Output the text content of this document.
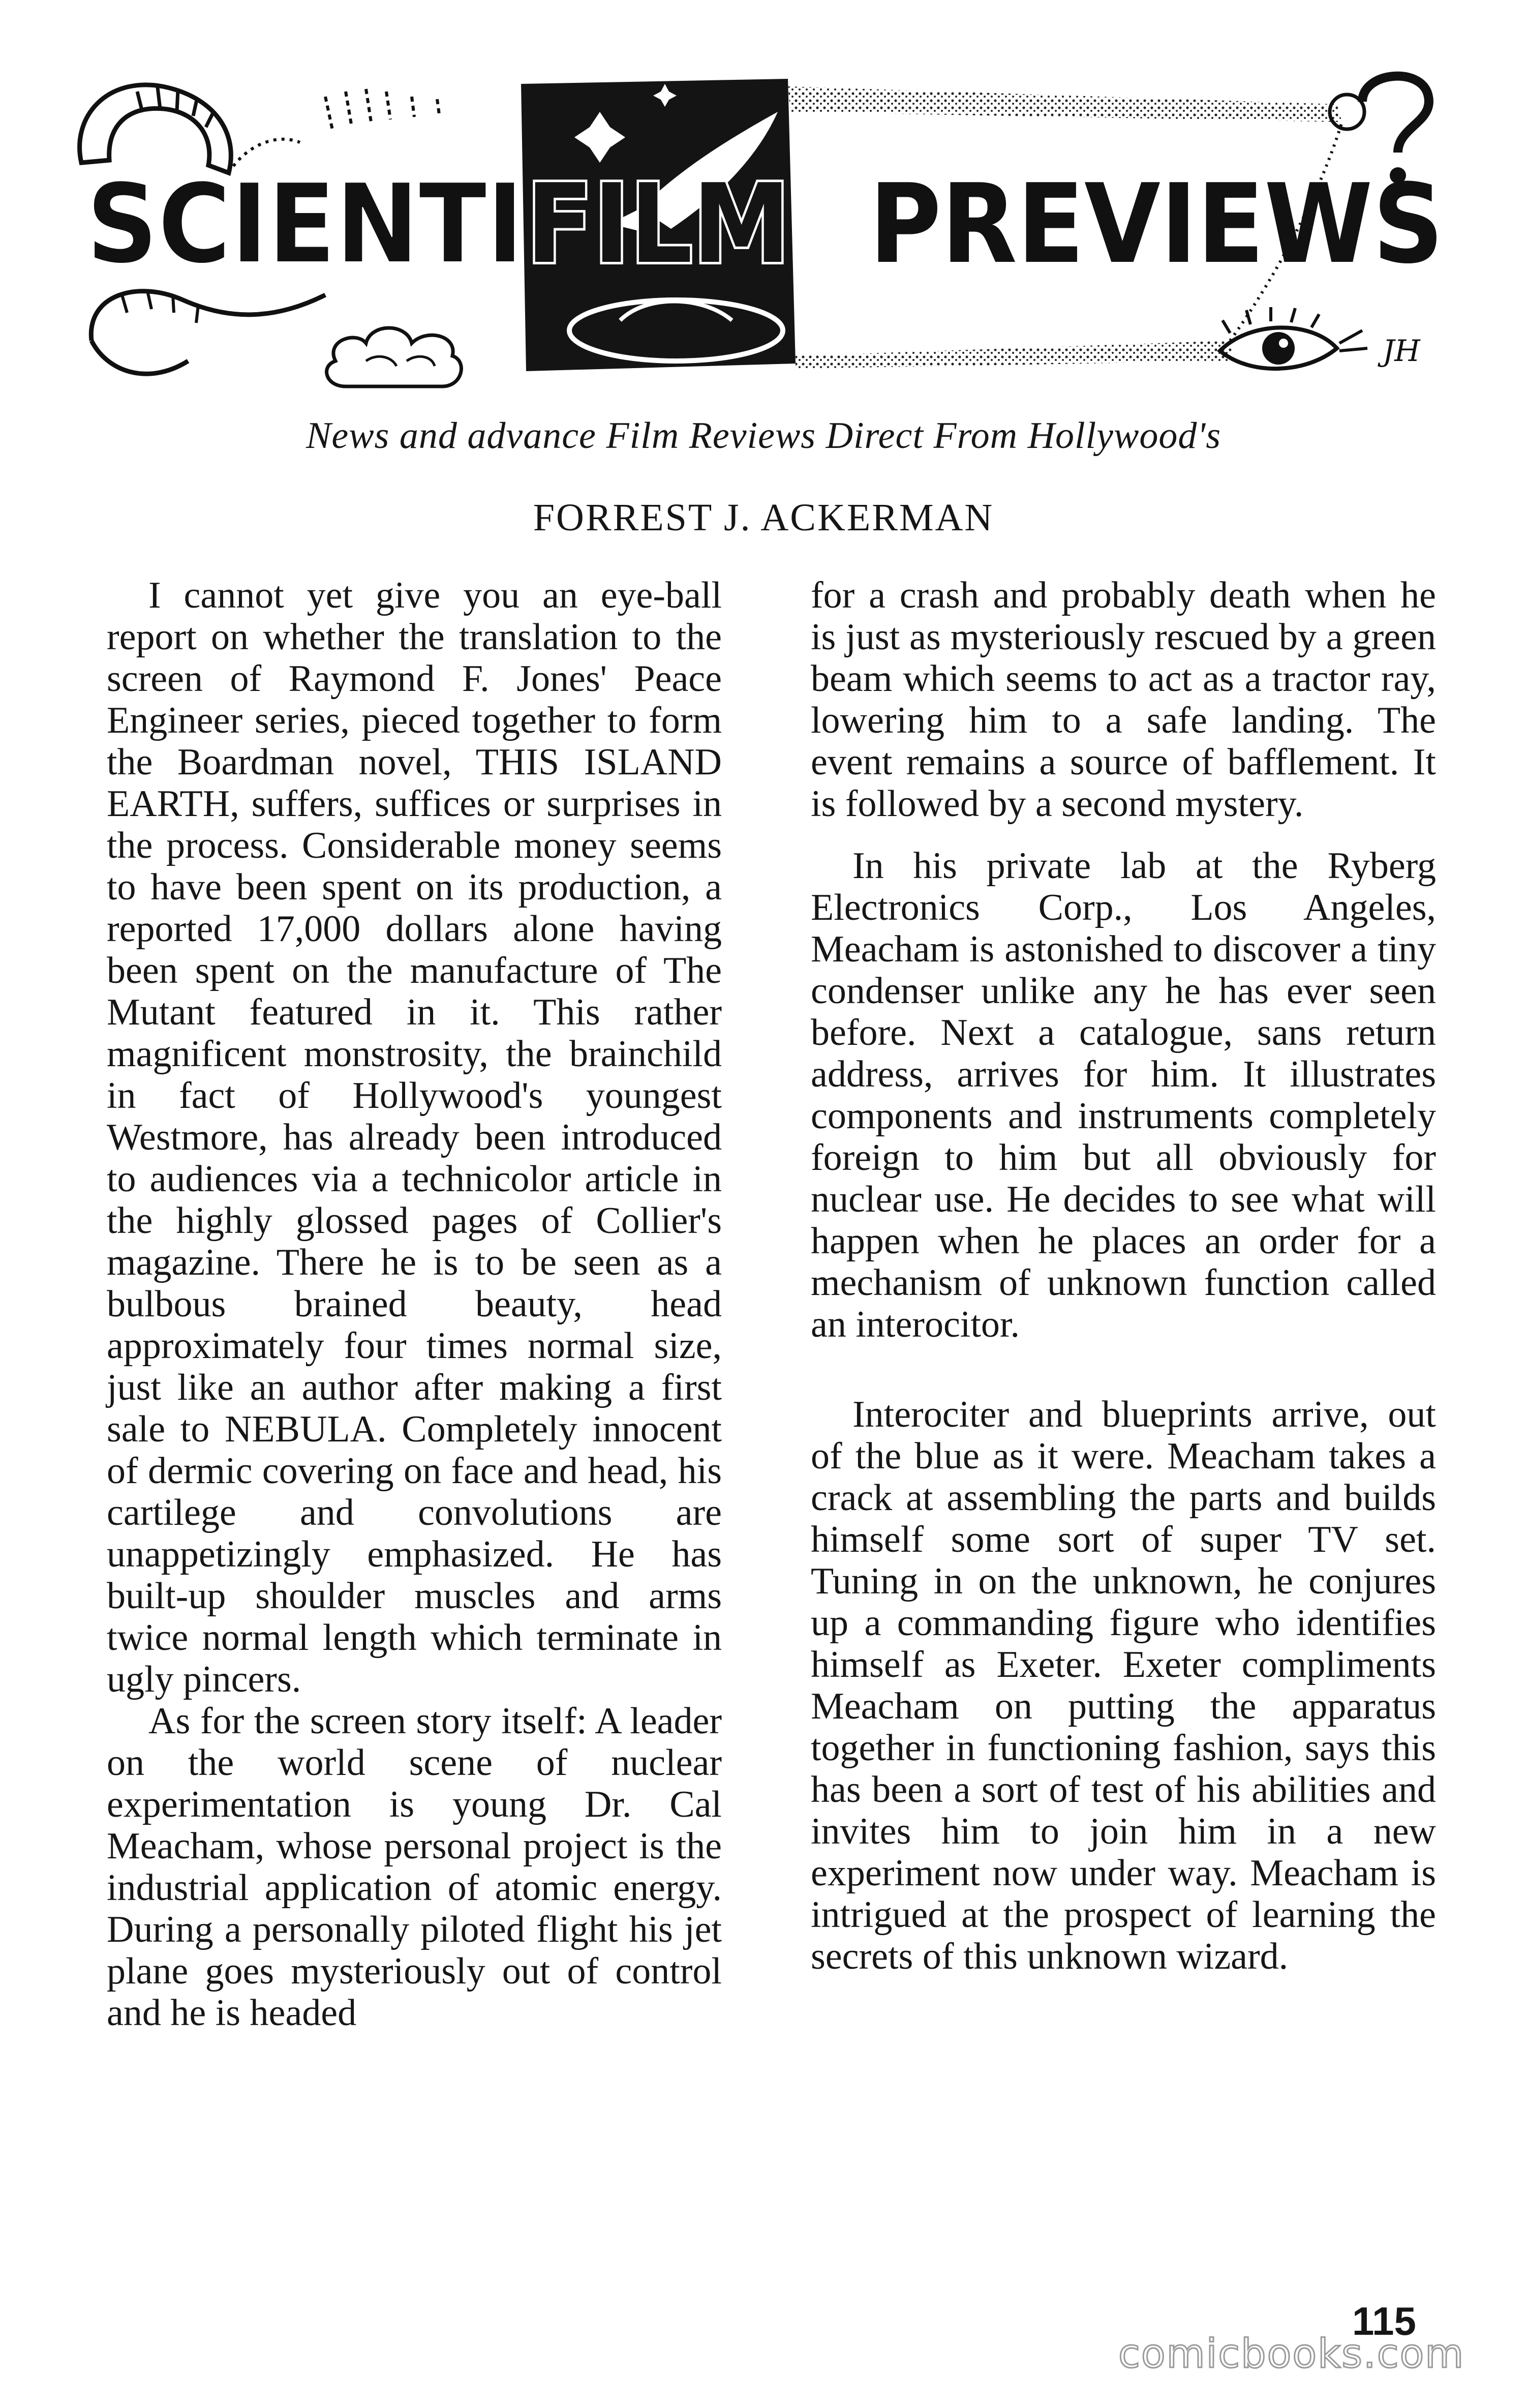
JH
SCIENTI FILM PREVIEWS
News and advance Film Reviews Direct From Hollywood's
FORREST J. ACKERMAN

I cannot yet give you an eye-ball report on whether the translation to the screen of Raymond F. Jones' Peace Engineer series, pieced together to form the Boardman novel, THIS ISLAND EARTH, suffers, suffices or surprises in the process. Considerable money seems to have been spent on its production, a reported 17,000 dollars alone having been spent on the manufacture of The Mutant featured in it. This rather magnificent monstrosity, the brainchild in fact of Hollywood's youngest Westmore, has already been introduced to audiences via a technicolor article in the highly glossed pages of Collier's magazine. There he is to be seen as a bulbous brained beauty, head approximately four times normal size, just like an author after making a first sale to NEBULA. Completely innocent of dermic covering on face and head, his cartilege and convolutions are unappetizingly emphasized. He has built-up shoulder muscles and arms twice normal length which terminate in ugly pincers.

As for the screen story itself: A leader on the world scene of nuclear experimentation is young Dr. Cal Meacham, whose personal project is the industrial application of atomic energy. During a personally piloted flight his jet plane goes mysteriously out of control and he is headed

for a crash and probably death when he is just as mysteriously rescued by a green beam which seems to act as a tractor ray, lowering him to a safe landing. The event remains a source of bafflement. It is followed by a second mystery.

In his private lab at the Ryberg Electronics Corp., Los Angeles, Meacham is astonished to discover a tiny condenser unlike any he has ever seen before. Next a catalogue, sans return address, arrives for him. It illustrates components and instruments completely foreign to him but all obviously for nuclear use. He decides to see what will happen when he places an order for a mechanism of unknown function called an interocitor.

Interociter and blueprints arrive, out of the blue as it were. Meacham takes a crack at assembling the parts and builds himself some sort of super TV set. Tuning in on the unknown, he conjures up a commanding figure who identifies himself as Exeter. Exeter compliments Meacham on putting the apparatus together in functioning fashion, says this has been a sort of test of his abilities and invites him to join him in a new experiment now under way. Meacham is intrigued at the prospect of learning the secrets of this unknown wizard.

115
comicbooks.com
